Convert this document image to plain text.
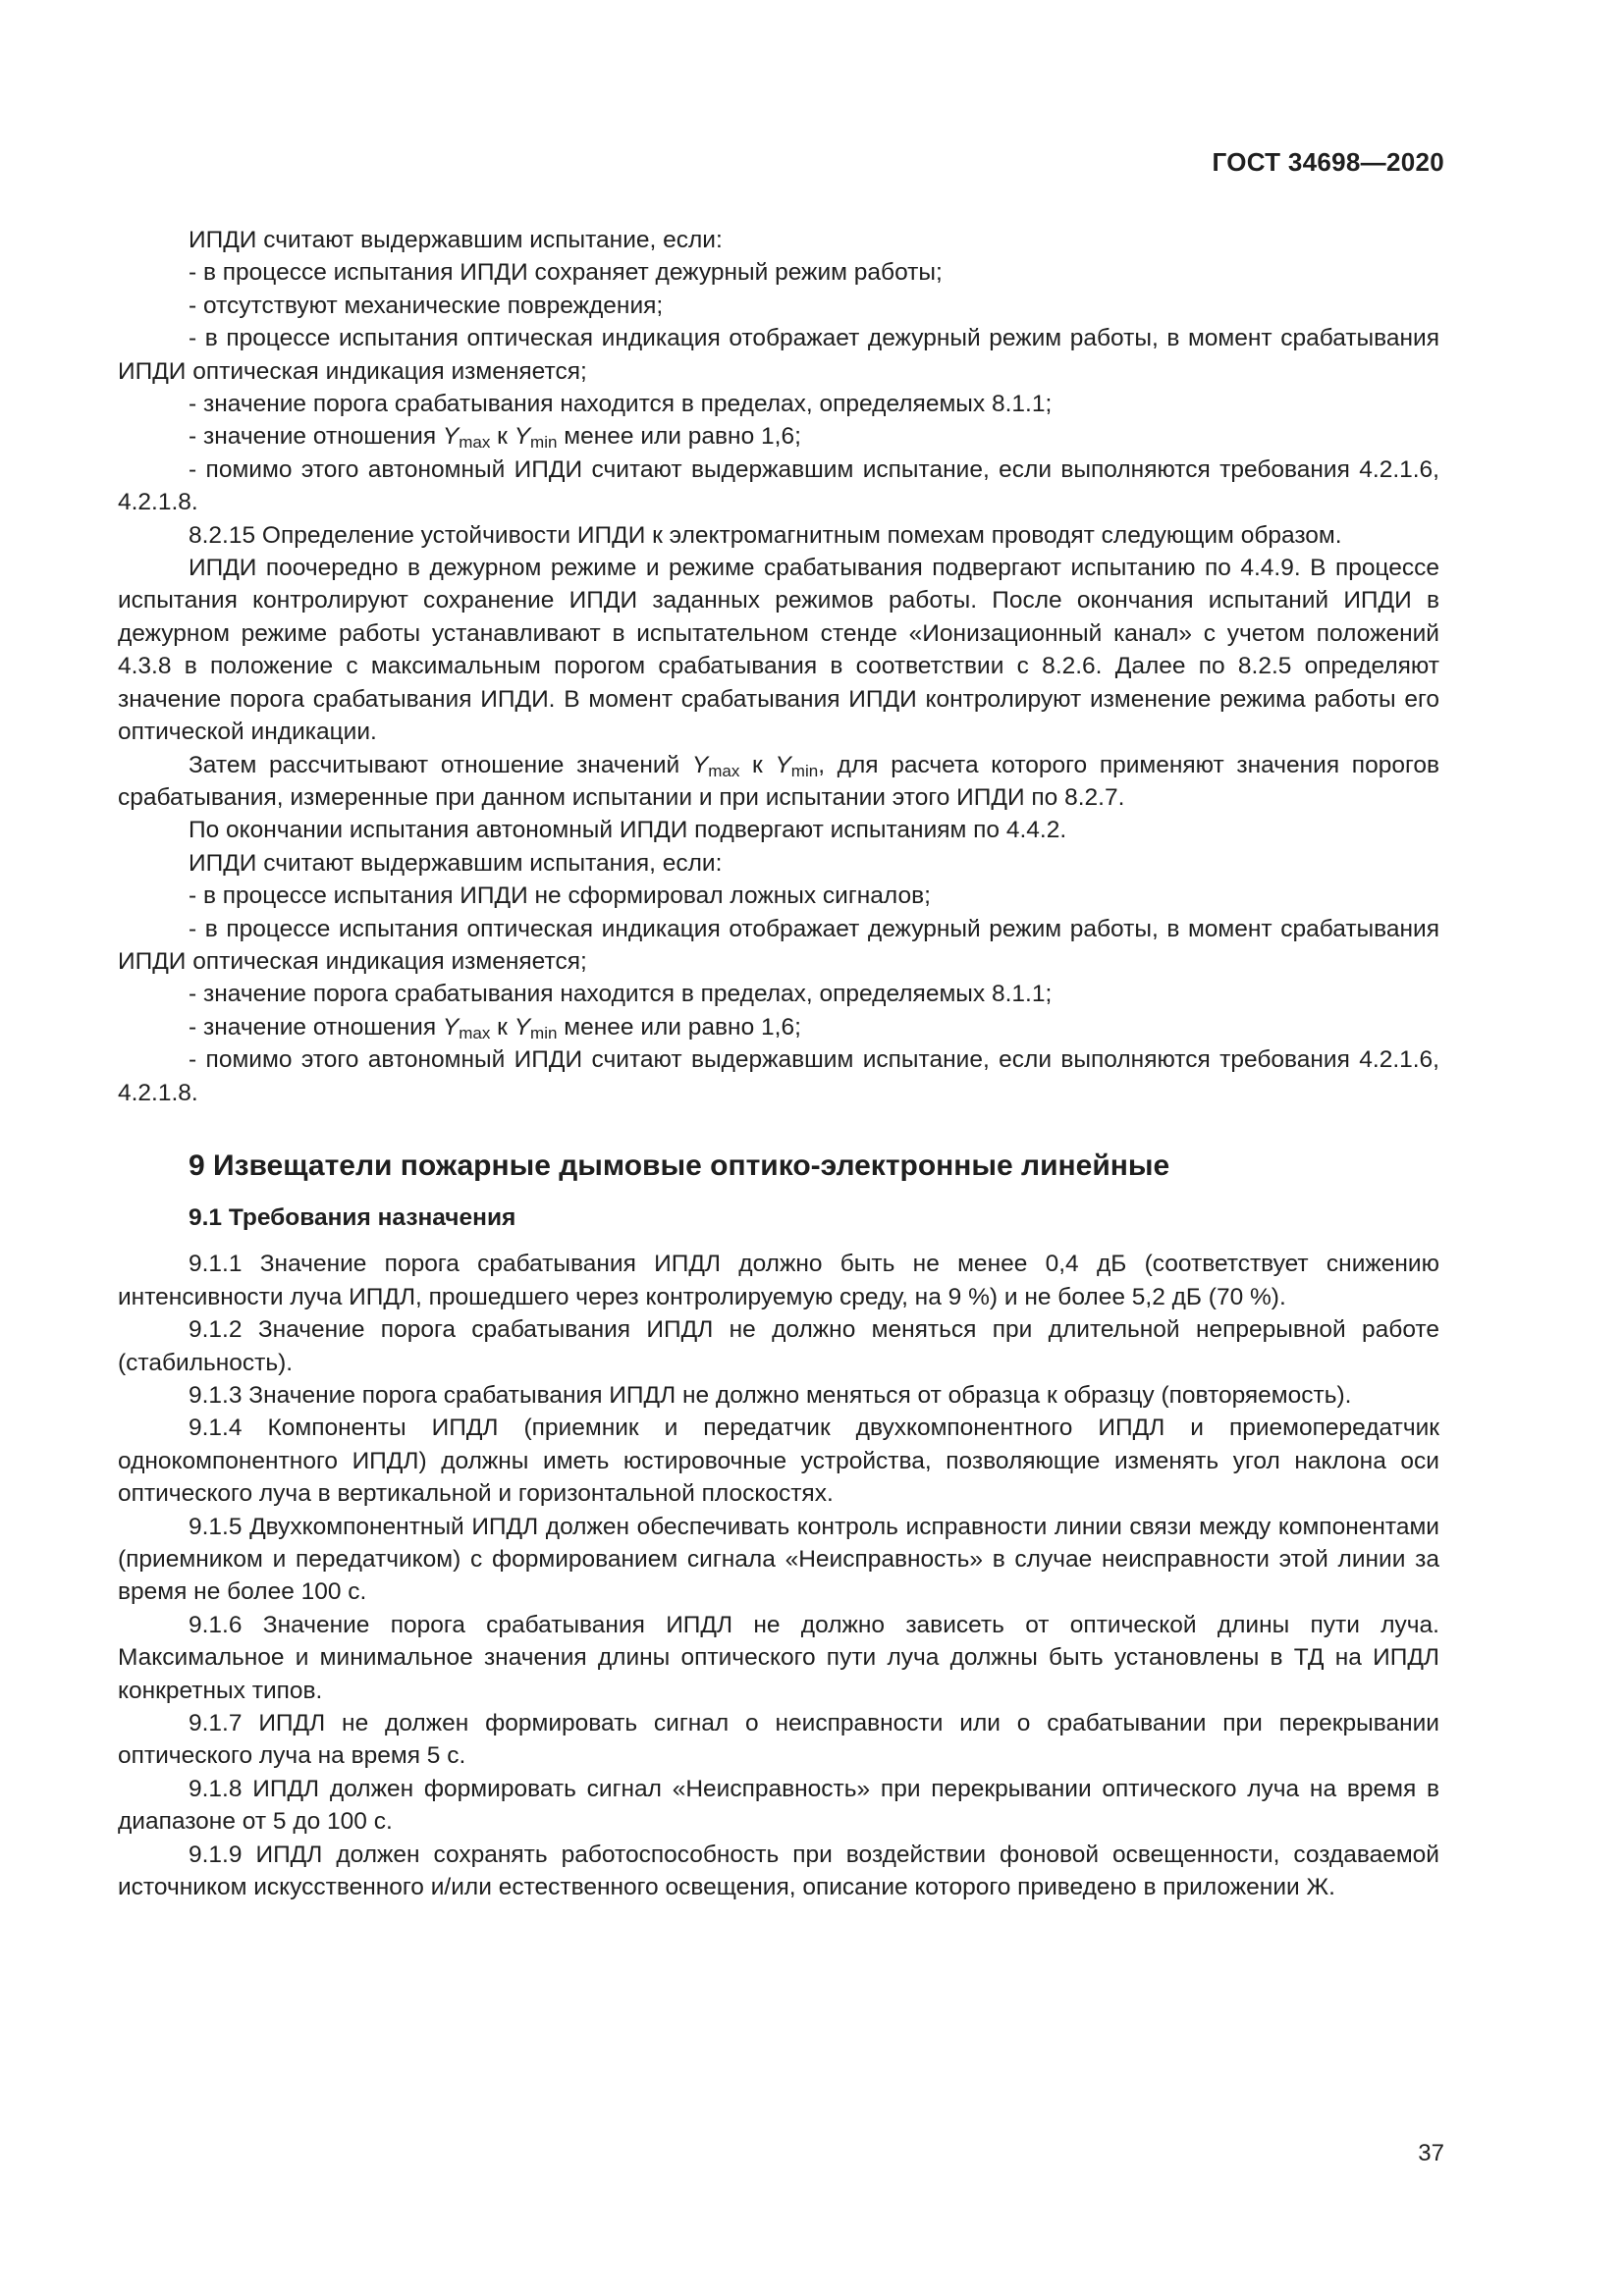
ГОСТ 34698—2020

ИПДИ считают выдержавшим испытание, если:

- в процессе испытания ИПДИ сохраняет дежурный режим работы;

- отсутствуют механические повреждения;

- в процессе испытания оптическая индикация отображает дежурный режим работы, в момент срабатывания ИПДИ оптическая индикация изменяется;

- значение порога срабатывания находится в пределах, определяемых 8.1.1;

- значение отношения $Y_{max}$ к $Y_{min}$ менее или равно 1,6;

- помимо этого автономный ИПДИ считают выдержавшим испытание, если выполняются требования 4.2.1.6, 4.2.1.8.

8.2.15 Определение устойчивости ИПДИ к электромагнитным помехам проводят следующим образом.

ИПДИ поочередно в дежурном режиме и режиме срабатывания подвергают испытанию по 4.4.9. В процессе испытания контролируют сохранение ИПДИ заданных режимов работы. После окончания испытаний ИПДИ в дежурном режиме работы устанавливают в испытательном стенде «Ионизационный канал» с учетом положений 4.3.8 в положение с максимальным порогом срабатывания в соответствии с 8.2.6. Далее по 8.2.5 определяют значение порога срабатывания ИПДИ. В момент срабатывания ИПДИ контролируют изменение режима работы его оптической индикации.

Затем рассчитывают отношение значений $Y_{max}$ к $Y_{min}$, для расчета которого применяют значения порогов срабатывания, измеренные при данном испытании и при испытании этого ИПДИ по 8.2.7.

По окончании испытания автономный ИПДИ подвергают испытаниям по 4.4.2.

ИПДИ считают выдержавшим испытания, если:

- в процессе испытания ИПДИ не сформировал ложных сигналов;

- в процессе испытания оптическая индикация отображает дежурный режим работы, в момент срабатывания ИПДИ оптическая индикация изменяется;

- значение порога срабатывания находится в пределах, определяемых 8.1.1;

- значение отношения $Y_{max}$ к $Y_{min}$ менее или равно 1,6;

- помимо этого автономный ИПДИ считают выдержавшим испытание, если выполняются требования 4.2.1.6, 4.2.1.8.

9 Извещатели пожарные дымовые оптико-электронные линейные
9.1 Требования назначения

9.1.1 Значение порога срабатывания ИПДЛ должно быть не менее 0,4 дБ (соответствует снижению интенсивности луча ИПДЛ, прошедшего через контролируемую среду, на 9 %) и не более 5,2 дБ (70 %).

9.1.2 Значение порога срабатывания ИПДЛ не должно меняться при длительной непрерывной работе (стабильность).

9.1.3 Значение порога срабатывания ИПДЛ не должно меняться от образца к образцу (повторяемость).

9.1.4 Компоненты ИПДЛ (приемник и передатчик двухкомпонентного ИПДЛ и приемопередатчик однокомпонентного ИПДЛ) должны иметь юстировочные устройства, позволяющие изменять угол наклона оси оптического луча в вертикальной и горизонтальной плоскостях.

9.1.5 Двухкомпонентный ИПДЛ должен обеспечивать контроль исправности линии связи между компонентами (приемником и передатчиком) с формированием сигнала «Неисправность» в случае неисправности этой линии за время не более 100 с.

9.1.6 Значение порога срабатывания ИПДЛ не должно зависеть от оптической длины пути луча. Максимальное и минимальное значения длины оптического пути луча должны быть установлены в ТД на ИПДЛ конкретных типов.

9.1.7 ИПДЛ не должен формировать сигнал о неисправности или о срабатывании при перекрывании оптического луча на время 5 с.

9.1.8 ИПДЛ должен формировать сигнал «Неисправность» при перекрывании оптического луча на время в диапазоне от 5 до 100 с.

9.1.9 ИПДЛ должен сохранять работоспособность при воздействии фоновой освещенности, создаваемой источником искусственного и/или естественного освещения, описание которого приведено в приложении Ж.

37
